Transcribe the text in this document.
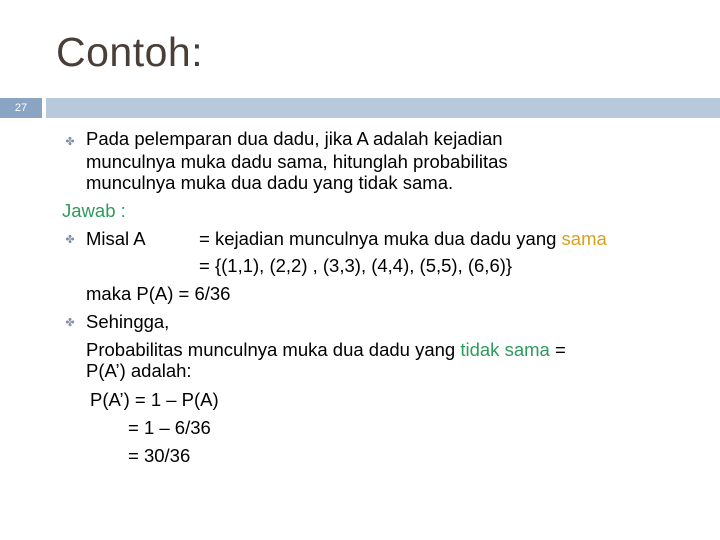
Contoh:
27
✤
✤
✤
Pada pelemparan dua dadu, jika A adalah kejadian
munculnya muka dadu sama, hitunglah probabilitas
munculnya muka dua dadu yang tidak sama.
Jawab :
Misal A	= kejadian munculnya muka dua dadu yang sama
= {(1,1), (2,2) , (3,3), (4,4), (5,5), (6,6)}
maka P(A) = 6/36
Sehingga,
Probabilitas munculnya muka dua dadu yang tidak sama =
P(A’) adalah:
P(A’) = 1 – P(A)
= 1 – 6/36
= 30/36
